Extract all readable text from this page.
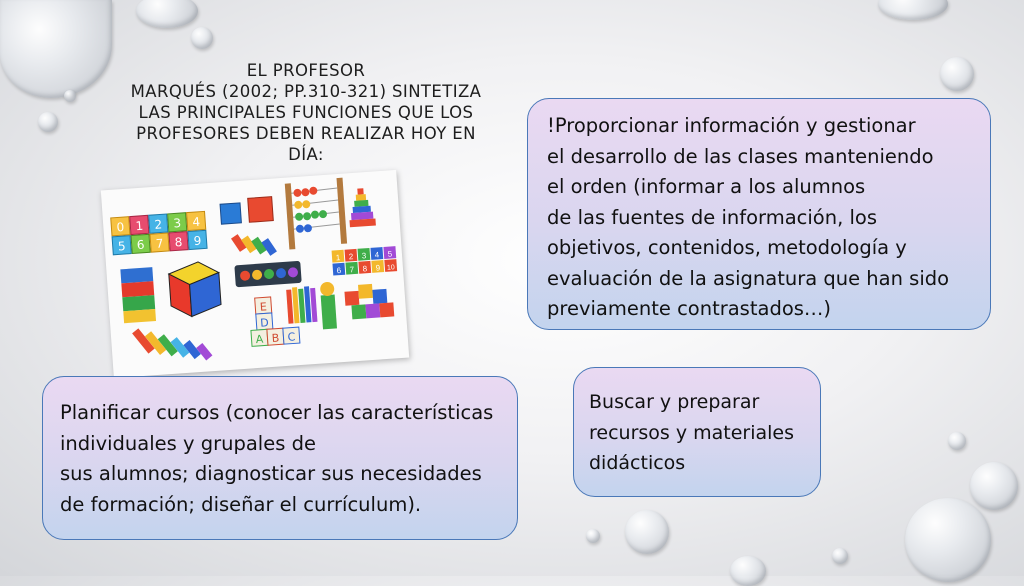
EL PROFESOR
MARQUÉS (2002; PP.310-321) SINTETIZA
LAS PRINCIPALES FUNCIONES QUE LOS
PROFESORES DEBEN REALIZAR HOY EN
DÍA:
0 1 2 3 4
5 6 7 8 9
1 2 3 4 5
6 7 8 9 10
E
D
A B C
!Proporcionar información y gestionar
el desarrollo de las clases manteniendo
el orden (informar a los alumnos
de las fuentes de información, los
objetivos, contenidos, metodología y
evaluación de la asignatura que han sido
previamente contrastados…)
Planificar cursos (conocer las características
individuales y grupales de
sus alumnos; diagnosticar sus necesidades
de formación; diseñar el currículum).
Buscar y preparar
recursos y materiales
didácticos
